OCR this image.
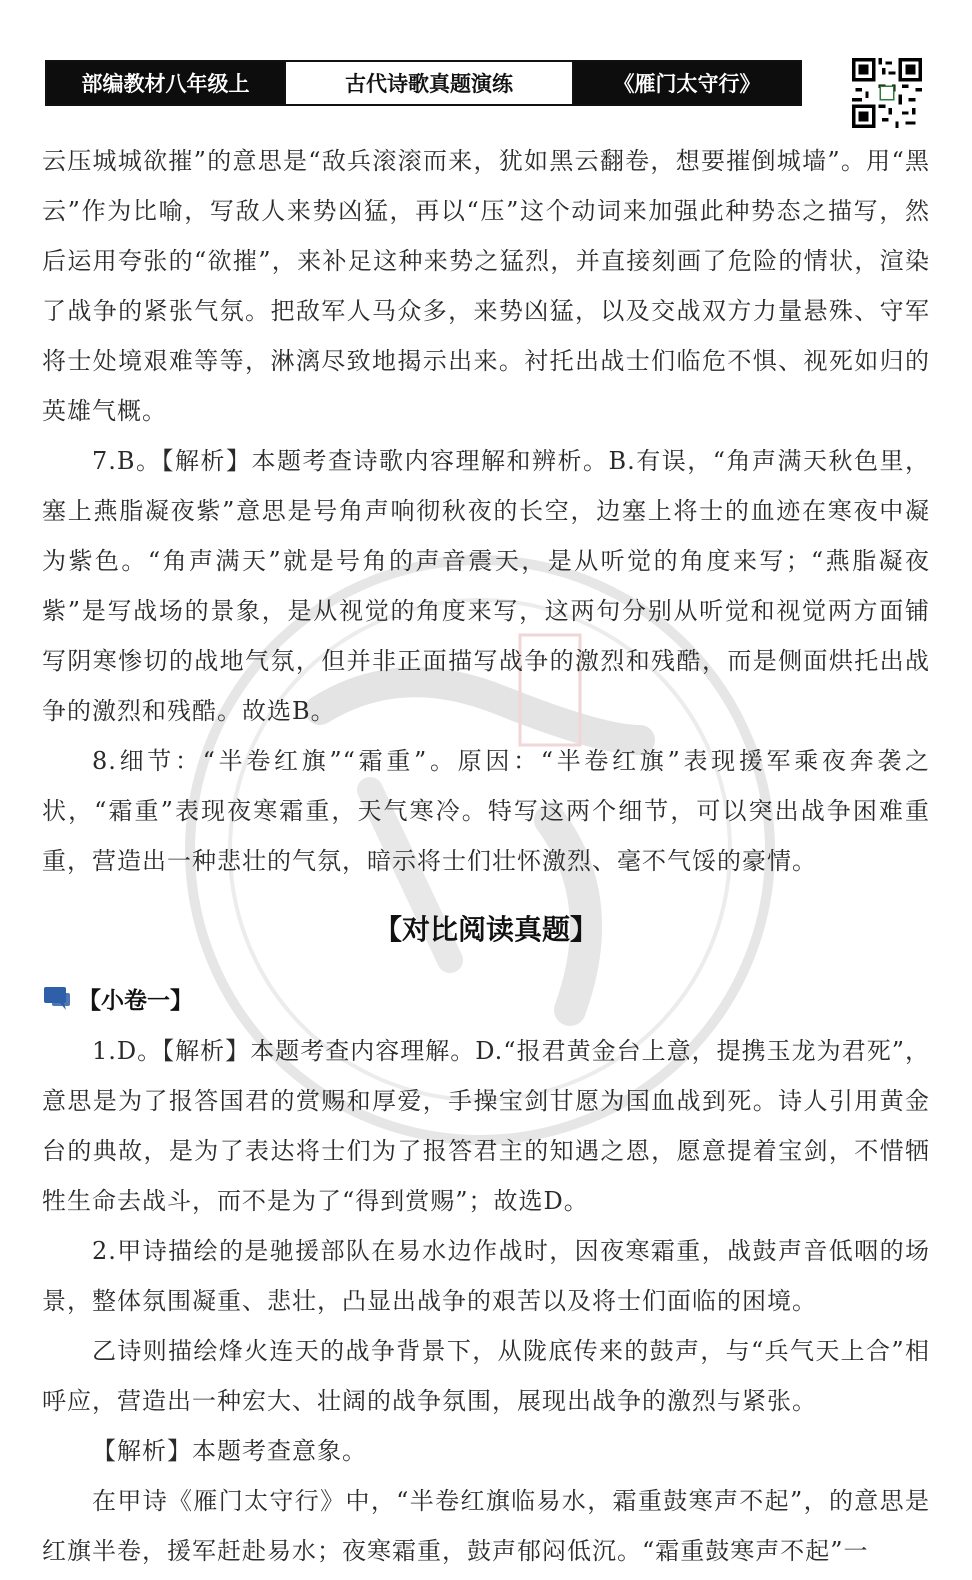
部编教材八年级上	古代诗歌真题演练	《雁门太守行》

云压城城欲摧”的意思是“敌兵滚滚而来，犹如黑云翻卷，想要摧倒城墙”。用“黑云”作为比喻，写敌人来势凶猛，再以“压”这个动词来加强此种势态之描写，然后运用夸张的“欲摧”，来补足这种来势之猛烈，并直接刻画了危险的情状，渲染了战争的紧张气氛。把敌军人马众多，来势凶猛，以及交战双方力量悬殊、守军将士处境艰难等等，淋漓尽致地揭示出来。衬托出战士们临危不惧、视死如归的英雄气概。

7.B。【解析】本题考查诗歌内容理解和辨析。B.有误，“角声满天秋色里，塞上燕脂凝夜紫”意思是号角声响彻秋夜的长空，边塞上将士的血迹在寒夜中凝为紫色。“角声满天”就是号角的声音震天，是从听觉的角度来写；“燕脂凝夜紫”是写战场的景象，是从视觉的角度来写，这两句分别从听觉和视觉两方面铺写阴寒惨切的战地气氛，但并非正面描写战争的激烈和残酷，而是侧面烘托出战争的激烈和残酷。故选B。

8.细节：“半卷红旗”“霜重”。原因：“半卷红旗”表现援军乘夜奔袭之状，“霜重”表现夜寒霜重，天气寒冷。特写这两个细节，可以突出战争困难重重，营造出一种悲壮的气氛，暗示将士们壮怀激烈、毫不气馁的豪情。

【对比阅读真题】
【小卷一】

1.D。【解析】本题考查内容理解。D.“报君黄金台上意，提携玉龙为君死”，意思是为了报答国君的赏赐和厚爱，手操宝剑甘愿为国血战到死。诗人引用黄金台的典故，是为了表达将士们为了报答君主的知遇之恩，愿意提着宝剑，不惜牺牲生命去战斗，而不是为了“得到赏赐”；故选D。

2.甲诗描绘的是驰援部队在易水边作战时，因夜寒霜重，战鼓声音低咽的场景，整体氛围凝重、悲壮，凸显出战争的艰苦以及将士们面临的困境。

乙诗则描绘烽火连天的战争背景下，从陇底传来的鼓声，与“兵气天上合”相呼应，营造出一种宏大、壮阔的战争氛围，展现出战争的激烈与紧张。

【解析】本题考查意象。

在甲诗《雁门太守行》中，“半卷红旗临易水，霜重鼓寒声不起”，的意思是红旗半卷，援军赶赴易水；夜寒霜重，鼓声郁闷低沉。“霜重鼓寒声不起”一
